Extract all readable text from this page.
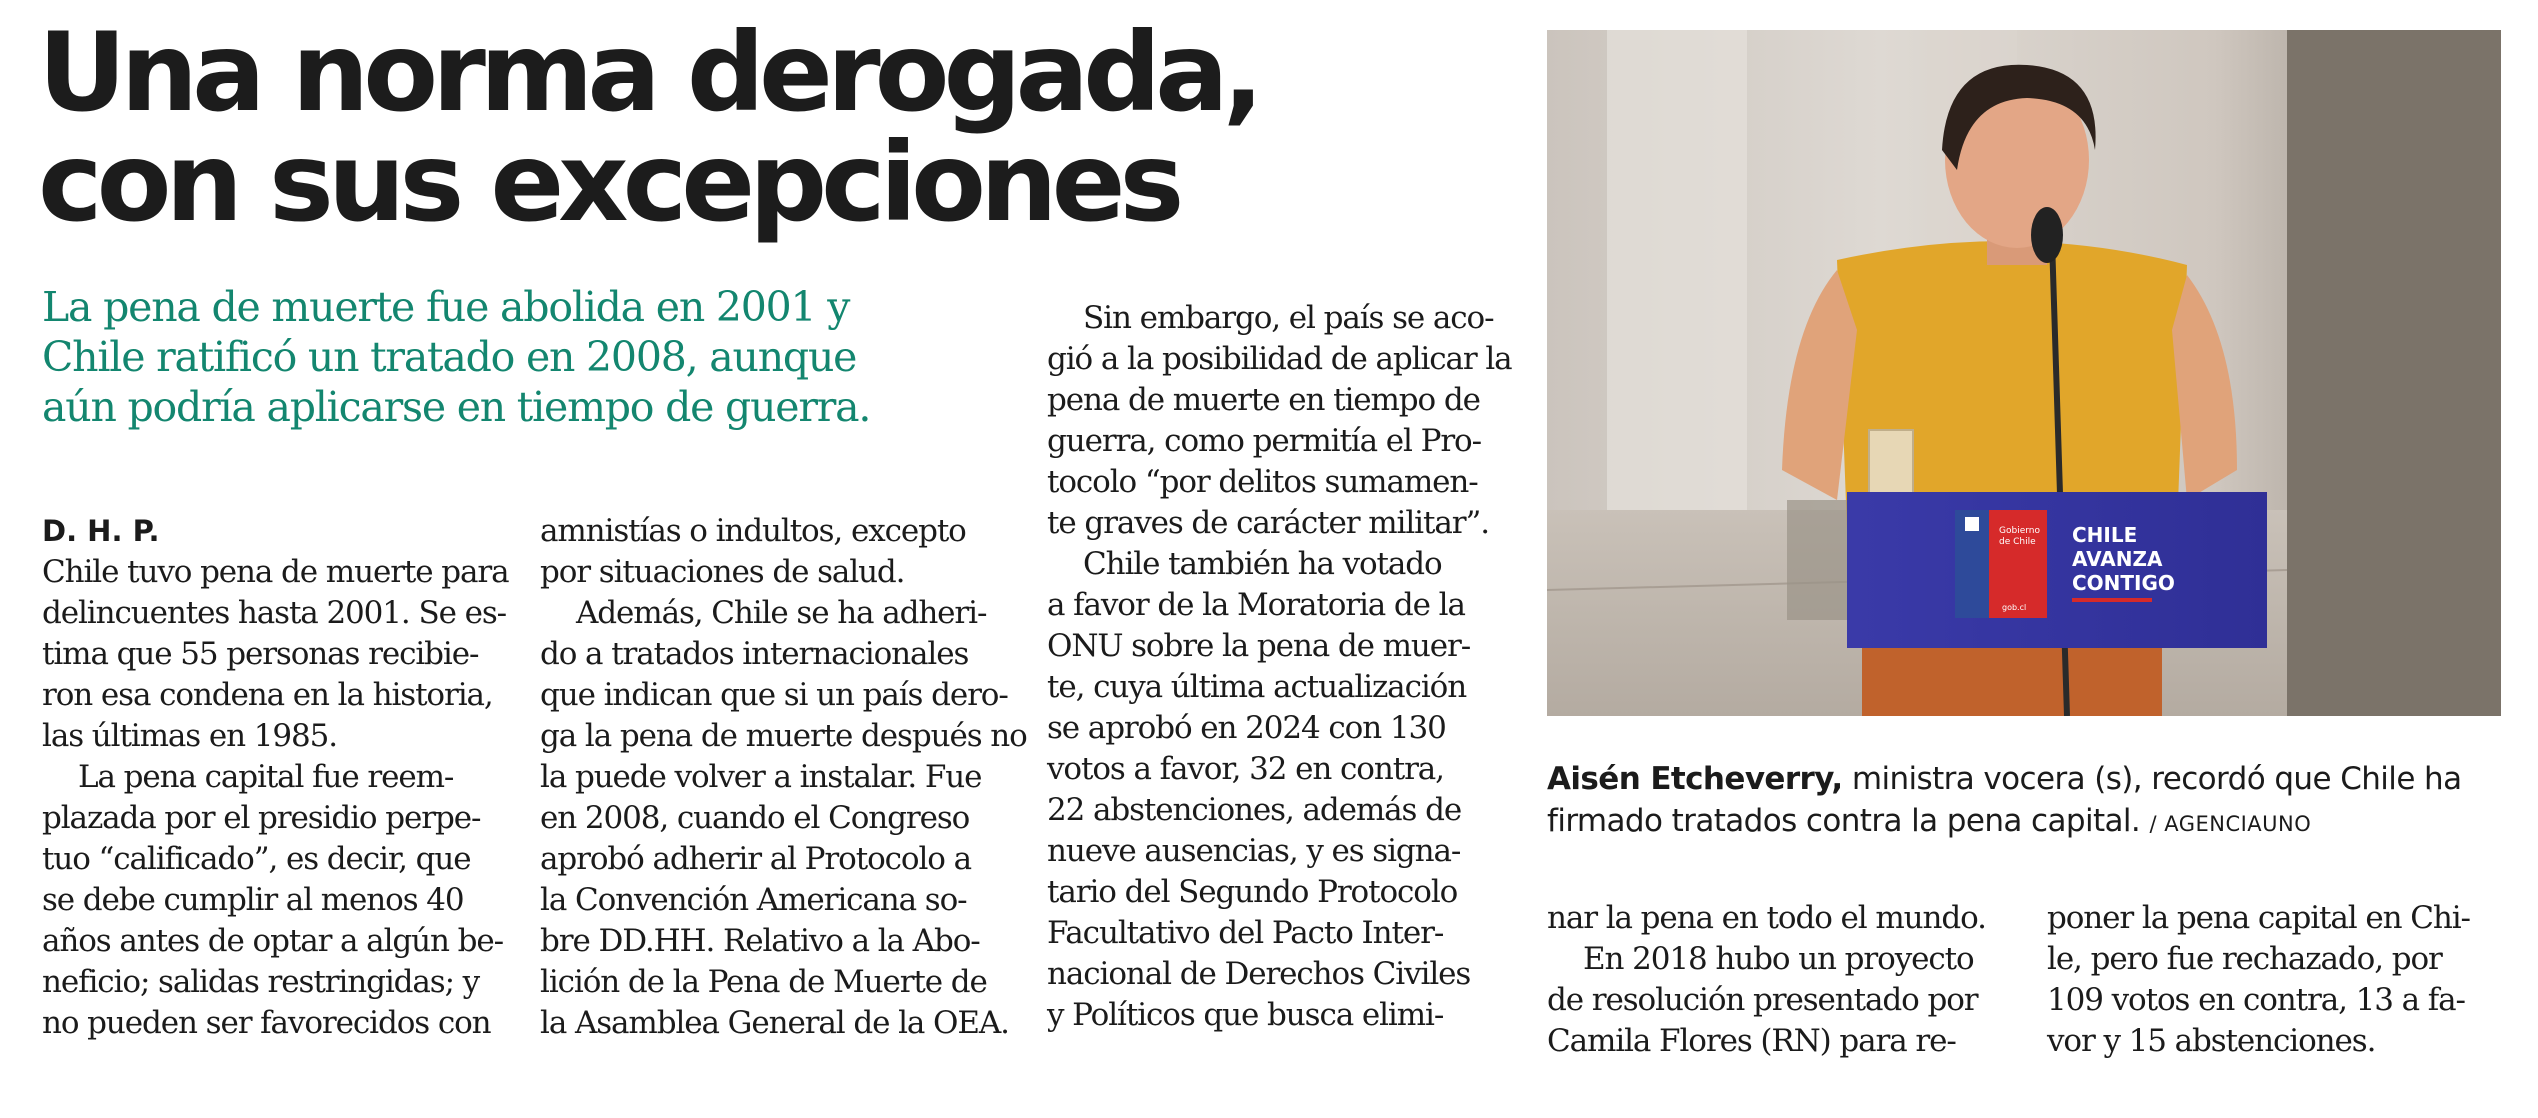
Una norma derogada,
con sus excepciones

La pena de muerte fue abolida en 2001 y
Chile ratificó un tratado en 2008, aunque
aún podría aplicarse en tiempo de guerra.

D. H. P.
Chile tuvo pena de muerte para
delincuentes hasta 2001. Se es-
tima que 55 personas recibie-
ron esa condena en la historia,
las últimas en 1985.
La pena capital fue reem-
plazada por el presidio perpe-
tuo “calificado”, es decir, que
se debe cumplir al menos 40
años antes de optar a algún be-
neficio; salidas restringidas; y
no pueden ser favorecidos con
amnistías o indultos, excepto
por situaciones de salud.
Además, Chile se ha adheri-
do a tratados internacionales
que indican que si un país dero-
ga la pena de muerte después no
la puede volver a instalar. Fue
en 2008, cuando el Congreso
aprobó adherir al Protocolo a
la Convención Americana so-
bre DD.HH. Relativo a la Abo-
lición de la Pena de Muerte de
la Asamblea General de la OEA.
Sin embargo, el país se aco-
gió a la posibilidad de aplicar la
pena de muerte en tiempo de
guerra, como permitía el Pro-
tocolo “por delitos sumamen-
te graves de carácter militar”.
Chile también ha votado
a favor de la Moratoria de la
ONU sobre la pena de muer-
te, cuya última actualización
se aprobó en 2024 con 130
votos a favor, 32 en contra,
22 abstenciones, además de
nueve ausencias, y es signa-
tario del Segundo Protocolo
Facultativo del Pacto Inter-
nacional de Derechos Civiles
y Políticos que busca elimi-
Gobierno
de Chile
gob.cl
CHILE
AVANZA
CONTIGO
Aisén Etcheverry, ministra vocera (s), recordó que Chile ha
firmado tratados contra la pena capital. / AGENCIAUNO
nar la pena en todo el mundo.
En 2018 hubo un proyecto
de resolución presentado por
Camila Flores (RN) para re-
poner la pena capital en Chi-
le, pero fue rechazado, por
109 votos en contra, 13 a fa-
vor y 15 abstenciones.
